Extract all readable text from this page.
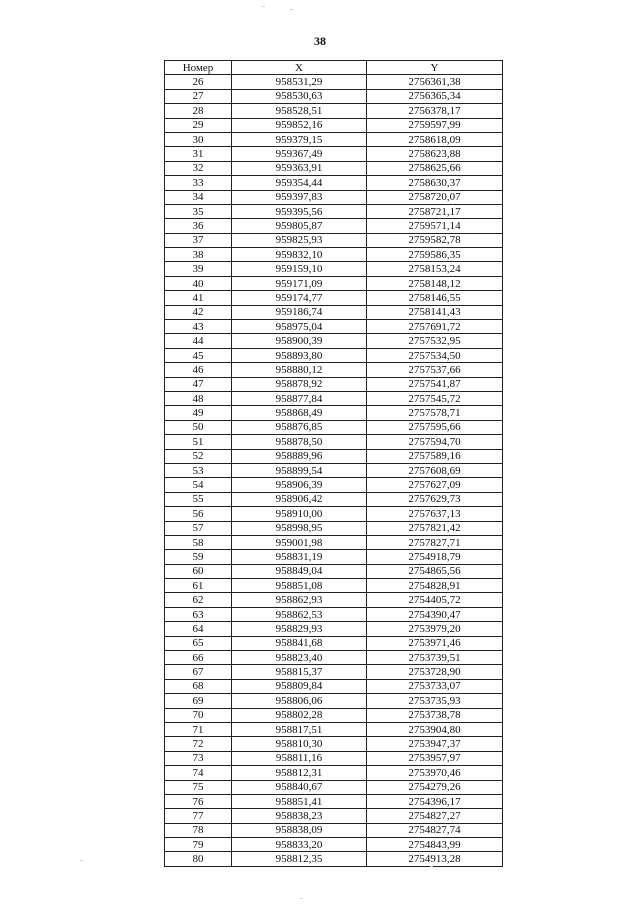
38
Номер	X	Y
26	958531,29	2756361,38
27	958530,63	2756365,34
28	958528,51	2756378,17
29	959852,16	2759597,99
30	959379,15	2758618,09
31	959367,49	2758623,88
32	959363,91	2758625,66
33	959354,44	2758630,37
34	959397,83	2758720,07
35	959395,56	2758721,17
36	959805,87	2759571,14
37	959825,93	2759582,78
38	959832,10	2759586,35
39	959159,10	2758153,24
40	959171,09	2758148,12
41	959174,77	2758146,55
42	959186,74	2758141,43
43	958975,04	2757691,72
44	958900,39	2757532,95
45	958893,80	2757534,50
46	958880,12	2757537,66
47	958878,92	2757541,87
48	958877,84	2757545,72
49	958868,49	2757578,71
50	958876,85	2757595,66
51	958878,50	2757594,70
52	958889,96	2757589,16
53	958899,54	2757608,69
54	958906,39	2757627,09
55	958906,42	2757629,73
56	958910,00	2757637,13
57	958998,95	2757821,42
58	959001,98	2757827,71
59	958831,19	2754918,79
60	958849,04	2754865,56
61	958851,08	2754828,91
62	958862,93	2754405,72
63	958862,53	2754390,47
64	958829,93	2753979,20
65	958841,68	2753971,46
66	958823,40	2753739,51
67	958815,37	2753728,90
68	958809,84	2753733,07
69	958806,06	2753735,93
70	958802,28	2753738,78
71	958817,51	2753904,80
72	958810,30	2753947,37
73	958811,16	2753957,97
74	958812,31	2753970,46
75	958840,67	2754279,26
76	958851,41	2754396,17
77	958838,23	2754827,27
78	958838,09	2754827,74
79	958833,20	2754843,99
80	958812,35	2754913,28
